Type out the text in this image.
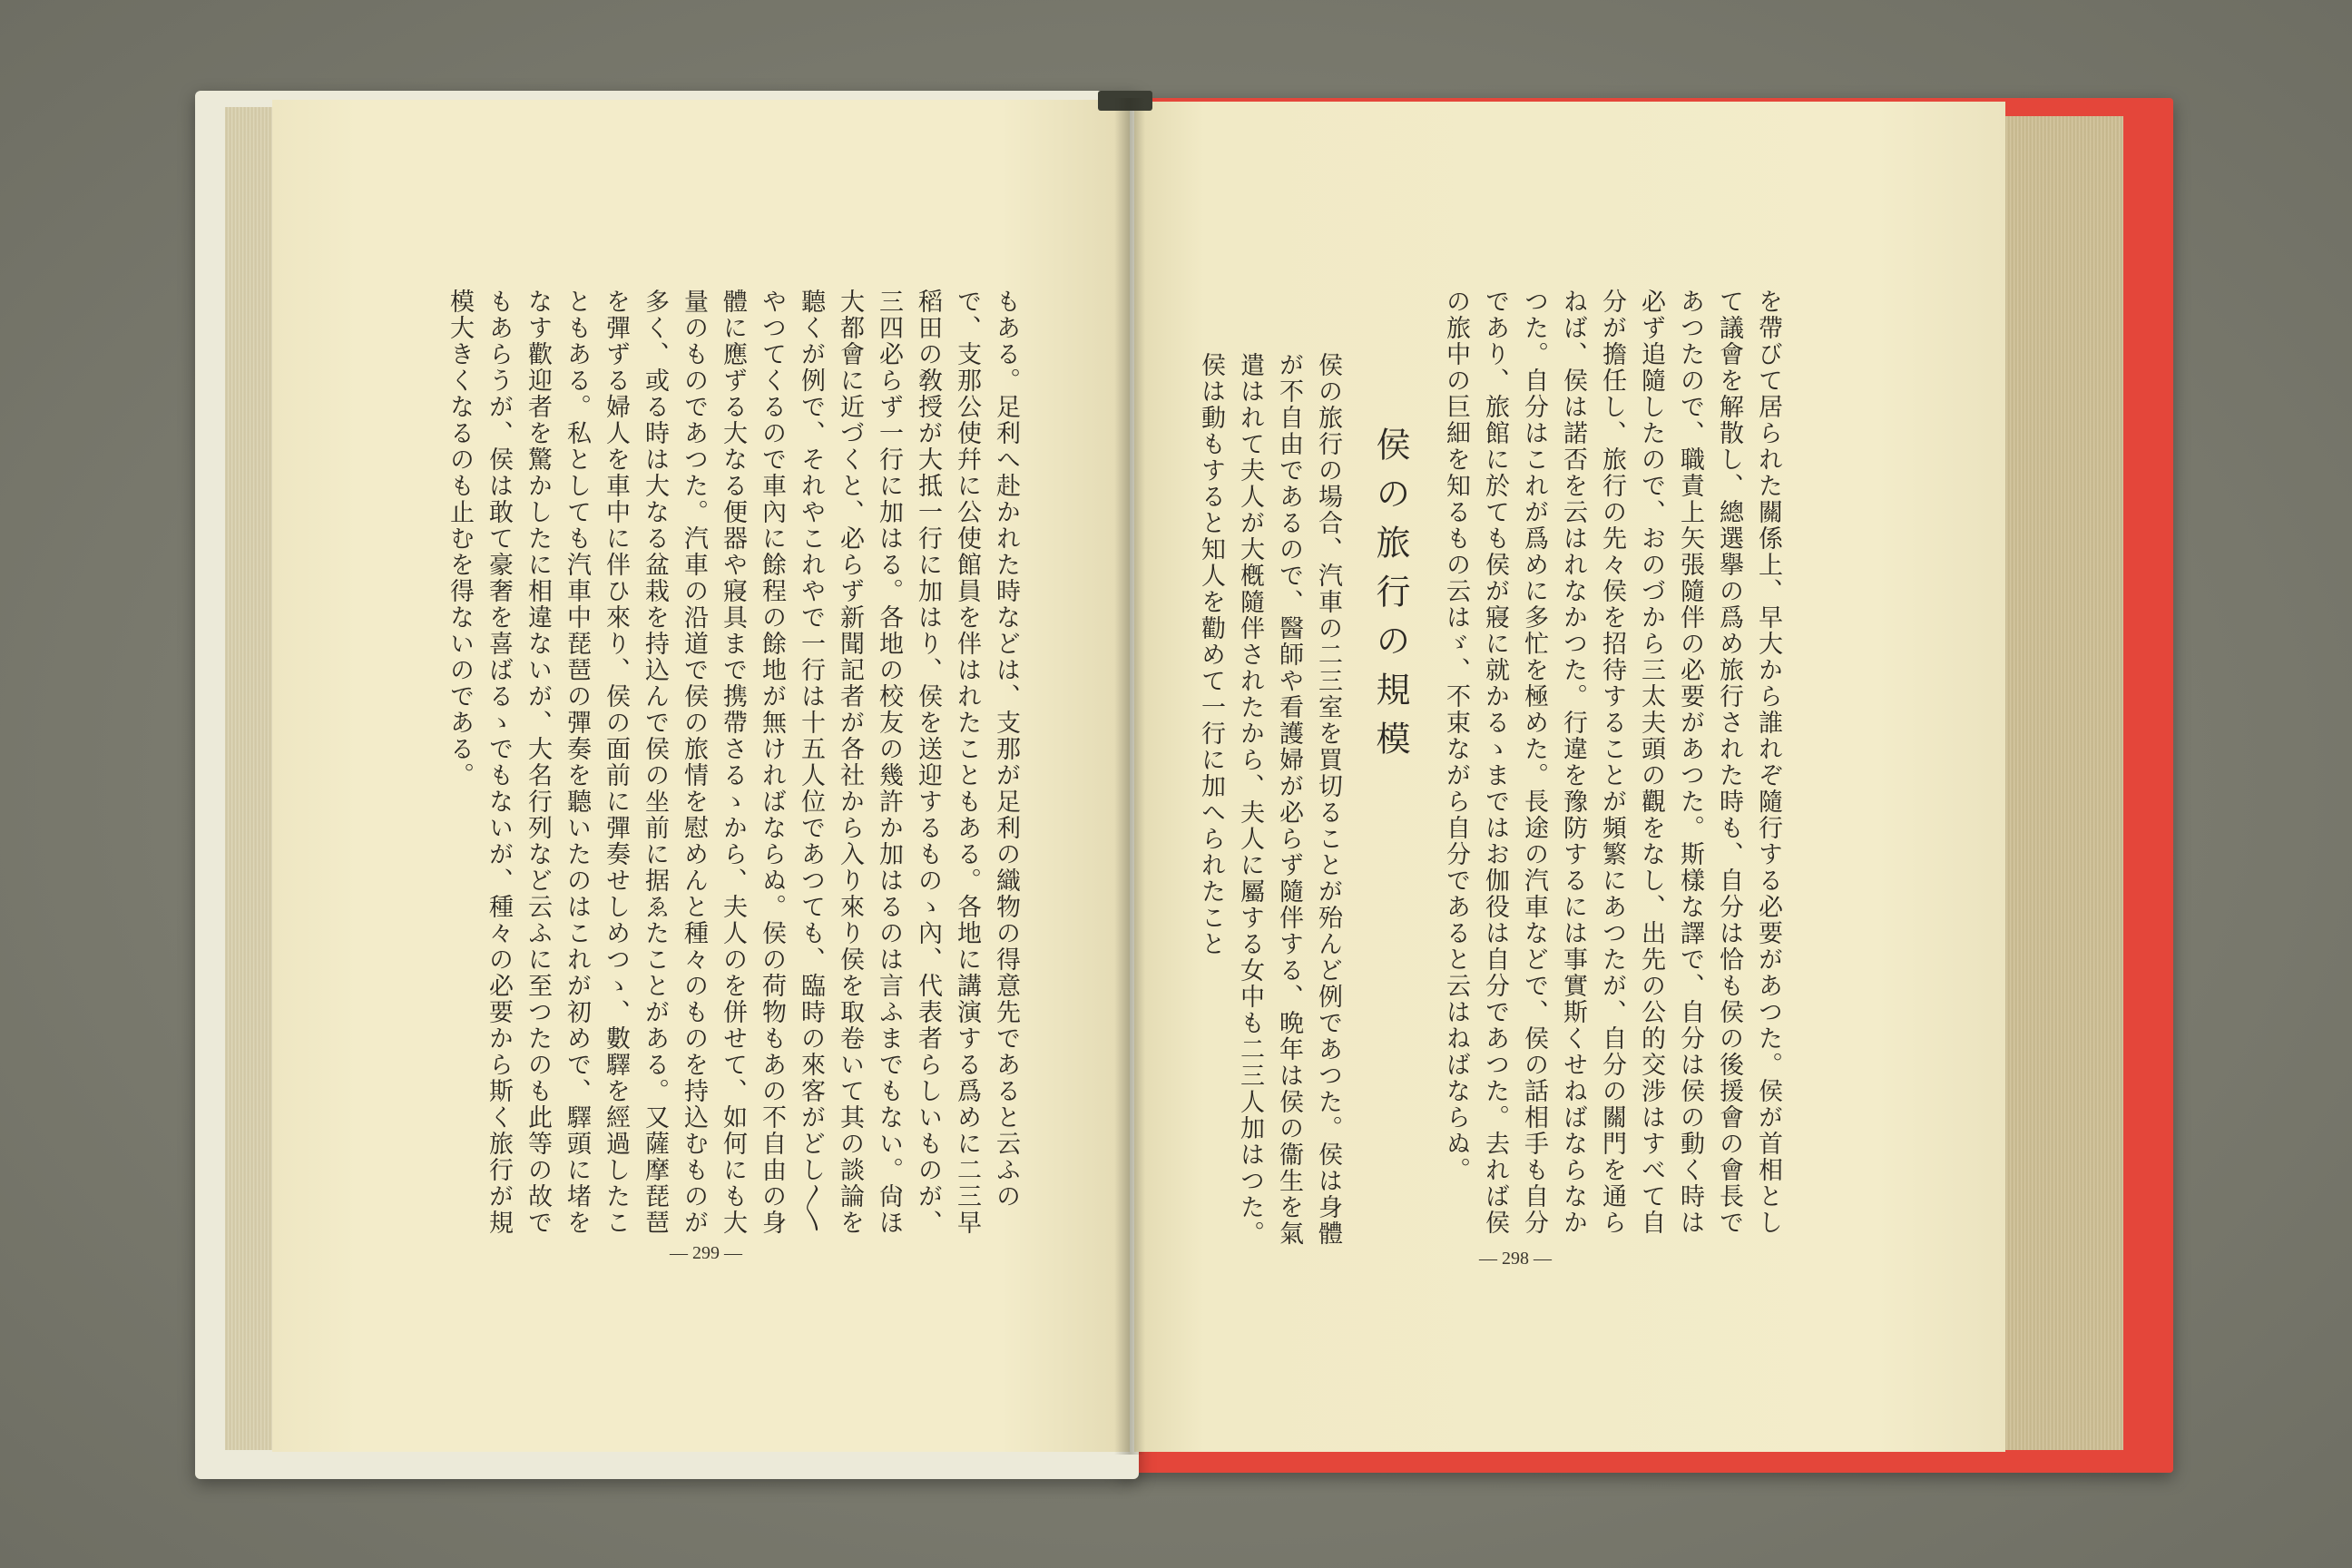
もある。足利へ赴かれた時などは、支那が足利の織物の得意先であると云ふので、支那公使幷に公使館員を伴はれたこともある。各地に講演する爲めに二三早稻田の敎授が大抵一行に加はり、侯を送迎するものゝ內、代表者らしいものが、三四必らず一行に加はる。各地の校友の幾許か加はるのは言ふまでもない。尙ほ大都會に近づくと、必らず新聞記者が各社から入り來り侯を取卷いて其の談論を聽くが例で、それやこれやで一行は十五人位であつても、臨時の來客がどし〳〵やつてくるので車內に餘程の餘地が無ければならぬ。侯の荷物もあの不自由の身體に應ずる大なる便器や寢具まで携帶さるゝから、夫人のを併せて、如何にも大量のものであつた。汽車の沿道で侯の旅情を慰めんと種々のものを持込むものが多く、或る時は大なる盆栽を持込んで侯の坐前に据ゑたことがある。又薩摩琵琶を彈ずる婦人を車中に伴ひ來り、侯の面前に彈奏せしめつゝ、數驛を經過したこともある。私としても汽車中琵琶の彈奏を聽いたのはこれが初めで、驛頭に堵をなす歡迎者を驚かしたに相違ないが、大名行列など云ふに至つたのも此等の故でもあらうが、侯は敢て豪奢を喜ばるゝでもないが、種々の必要から斯く旅行が規模大きくなるのも止むを得ないのである。
— 299 —
を帶びて居られた關係上、早大から誰れぞ隨行する必要があつた。侯が首相として議會を解散し、總選擧の爲め旅行された時も、自分は恰も侯の後援會の會長であつたので、職責上矢張隨伴の必要があつた。斯樣な譯で、自分は侯の動く時は必ず追隨したので、おのづから三太夫頭の觀をなし、出先の公的交涉はすべて自分が擔任し、旅行の先々侯を招待することが頻繁にあつたが、自分の關門を通らねば、侯は諾否を云はれなかつた。行違を豫防するには事實斯くせねばならなかつた。自分はこれが爲めに多忙を極めた。長途の汽車などで、侯の話相手も自分であり、旅館に於ても侯が寢に就かるゝまではお伽役は自分であつた。去れば侯の旅中の巨細を知るもの云はゞ、不束ながら自分であると云はねばならぬ。
侯の旅行の規模
侯の旅行の場合、汽車の二三室を買切ることが殆んど例であつた。侯は身體が不自由であるので、醫師や看護婦が必らず隨伴する、晩年は侯の衞生を氣遣はれて夫人が大槪隨伴されたから、夫人に屬する女中も二三人加はつた。侯は動もすると知人を勸めて一行に加へられたこと
— 298 —
